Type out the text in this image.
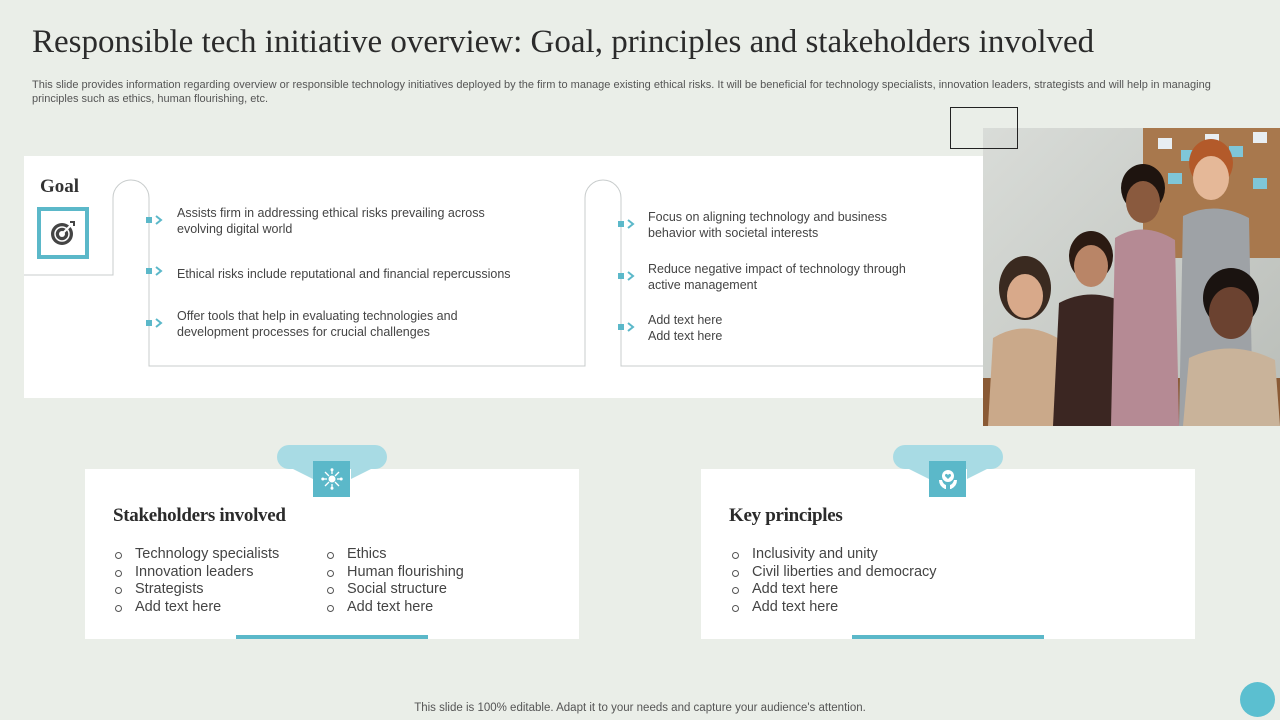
Responsible tech initiative overview: Goal, principles and stakeholders involved
This slide provides information regarding overview or responsible technology initiatives deployed by the firm to manage existing ethical risks. It will be beneficial for technology specialists, innovation leaders, strategists and will help in managing principles such as ethics, human flourishing, etc.
Goal
Assists firm in addressing ethical risks prevailing across evolving digital world
Ethical risks include reputational and financial repercussions
Offer tools that help in evaluating technologies and development processes for crucial challenges
Focus on aligning technology and business behavior with societal interests
Reduce negative impact of technology through active management
Add text here Add text here
Stakeholders involved
Technology specialists
Innovation leaders
Strategists
Add text here
Ethics
Human flourishing
Social structure
Add text here
Key principles
Inclusivity and unity
Civil liberties and democracy
Add text here
Add text here
This slide is 100% editable. Adapt it to your needs and capture your audience's attention.
